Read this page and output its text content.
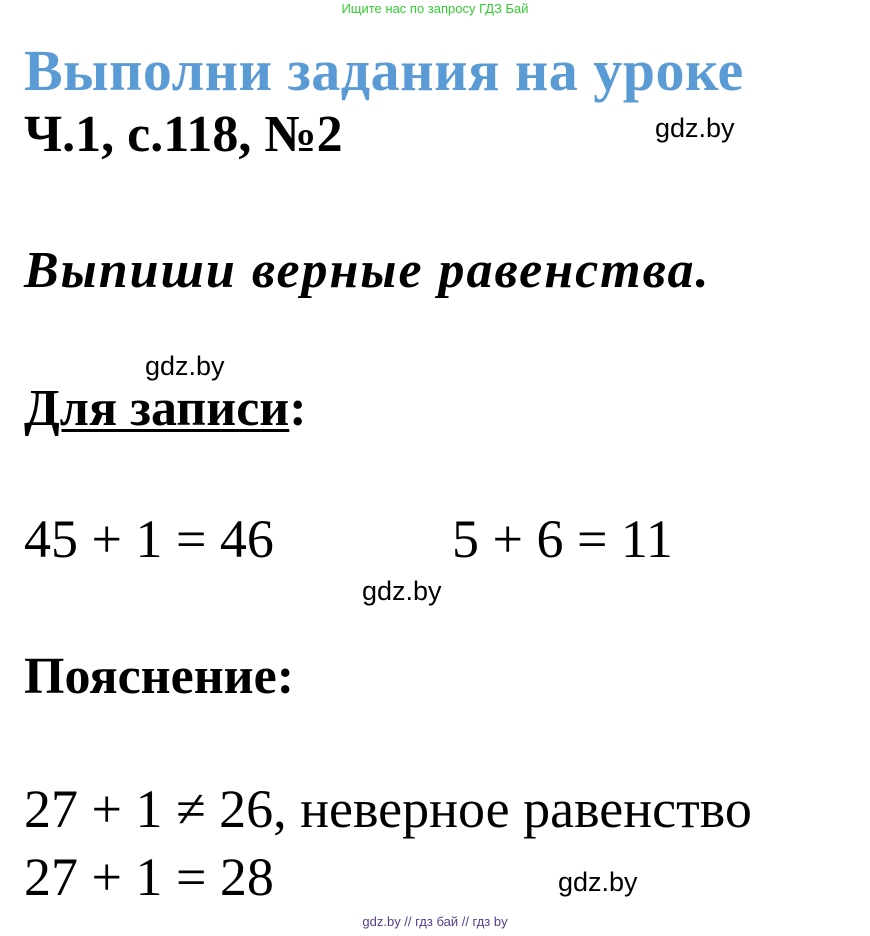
Ищите нас по запросу ГДЗ Бай
Выполни задания на уроке
Ч.1, с.118, №2	gdz.by
Выпиши верные равенства.
gdz.by
Для записи:
45 + 1 = 46	5 + 6 = 11
gdz.by
Пояснение:
27 + 1 ≠ 26, неверное равенство
27 + 1 = 28	gdz.by
gdz.by // гдз бай // гдз by
